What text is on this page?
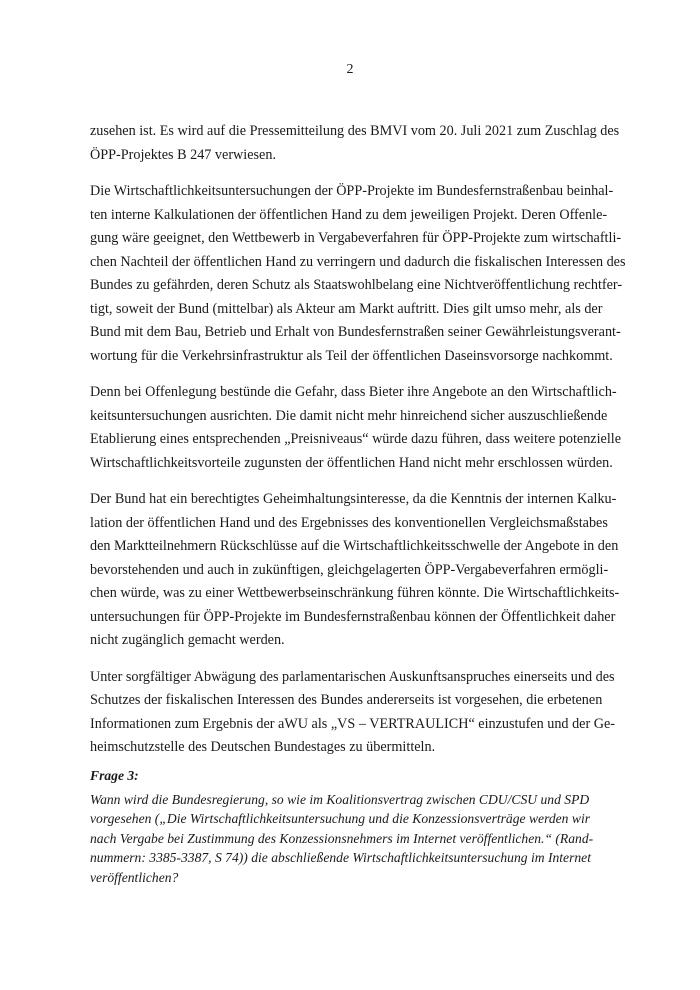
2

zusehen ist. Es wird auf die Pressemitteilung des BMVI vom 20. Juli 2021 zum Zuschlag des
ÖPP-Projektes B 247 verwiesen.

Die Wirtschaftlichkeitsuntersuchungen der ÖPP-Projekte im Bundesfernstraßenbau beinhal-
ten interne Kalkulationen der öffentlichen Hand zu dem jeweiligen Projekt. Deren Offenle-
gung wäre geeignet, den Wettbewerb in Vergabeverfahren für ÖPP-Projekte zum wirtschaftli-
chen Nachteil der öffentlichen Hand zu verringern und dadurch die fiskalischen Interessen des
Bundes zu gefährden, deren Schutz als Staatswohlbelang eine Nichtveröffentlichung rechtfer-
tigt, soweit der Bund (mittelbar) als Akteur am Markt auftritt. Dies gilt umso mehr, als der
Bund mit dem Bau, Betrieb und Erhalt von Bundesfernstraßen seiner Gewährleistungsverant-
wortung für die Verkehrsinfrastruktur als Teil der öffentlichen Daseinsvorsorge nachkommt.

Denn bei Offenlegung bestünde die Gefahr, dass Bieter ihre Angebote an den Wirtschaftlich-
keitsuntersuchungen ausrichten. Die damit nicht mehr hinreichend sicher auszuschließende
Etablierung eines entsprechenden „Preisniveaus“ würde dazu führen, dass weitere potenzielle
Wirtschaftlichkeitsvorteile zugunsten der öffentlichen Hand nicht mehr erschlossen würden.

Der Bund hat ein berechtigtes Geheimhaltungsinteresse, da die Kenntnis der internen Kalku-
lation der öffentlichen Hand und des Ergebnisses des konventionellen Vergleichsmaßstabes
den Marktteilnehmern Rückschlüsse auf die Wirtschaftlichkeitsschwelle der Angebote in den
bevorstehenden und auch in zukünftigen, gleichgelagerten ÖPP-Vergabeverfahren ermögli-
chen würde, was zu einer Wettbewerbseinschränkung führen könnte. Die Wirtschaftlichkeits-
untersuchungen für ÖPP-Projekte im Bundesfernstraßenbau können der Öffentlichkeit daher
nicht zugänglich gemacht werden.

Unter sorgfältiger Abwägung des parlamentarischen Auskunftsanspruches einerseits und des
Schutzes der fiskalischen Interessen des Bundes andererseits ist vorgesehen, die erbetenen
Informationen zum Ergebnis der aWU als „VS – VERTRAULICH“ einzustufen und der Ge-
heimschutzstelle des Deutschen Bundestages zu übermitteln.

Frage 3:
Wann wird die Bundesregierung, so wie im Koalitionsvertrag zwischen CDU/CSU und SPD
vorgesehen („Die Wirtschaftlichkeitsuntersuchung und die Konzessionsverträge werden wir
nach Vergabe bei Zustimmung des Konzessionsnehmers im Internet veröffentlichen.“ (Rand-
nummern: 3385-3387, S 74)) die abschließende Wirtschaftlichkeitsuntersuchung im Internet
veröffentlichen?
